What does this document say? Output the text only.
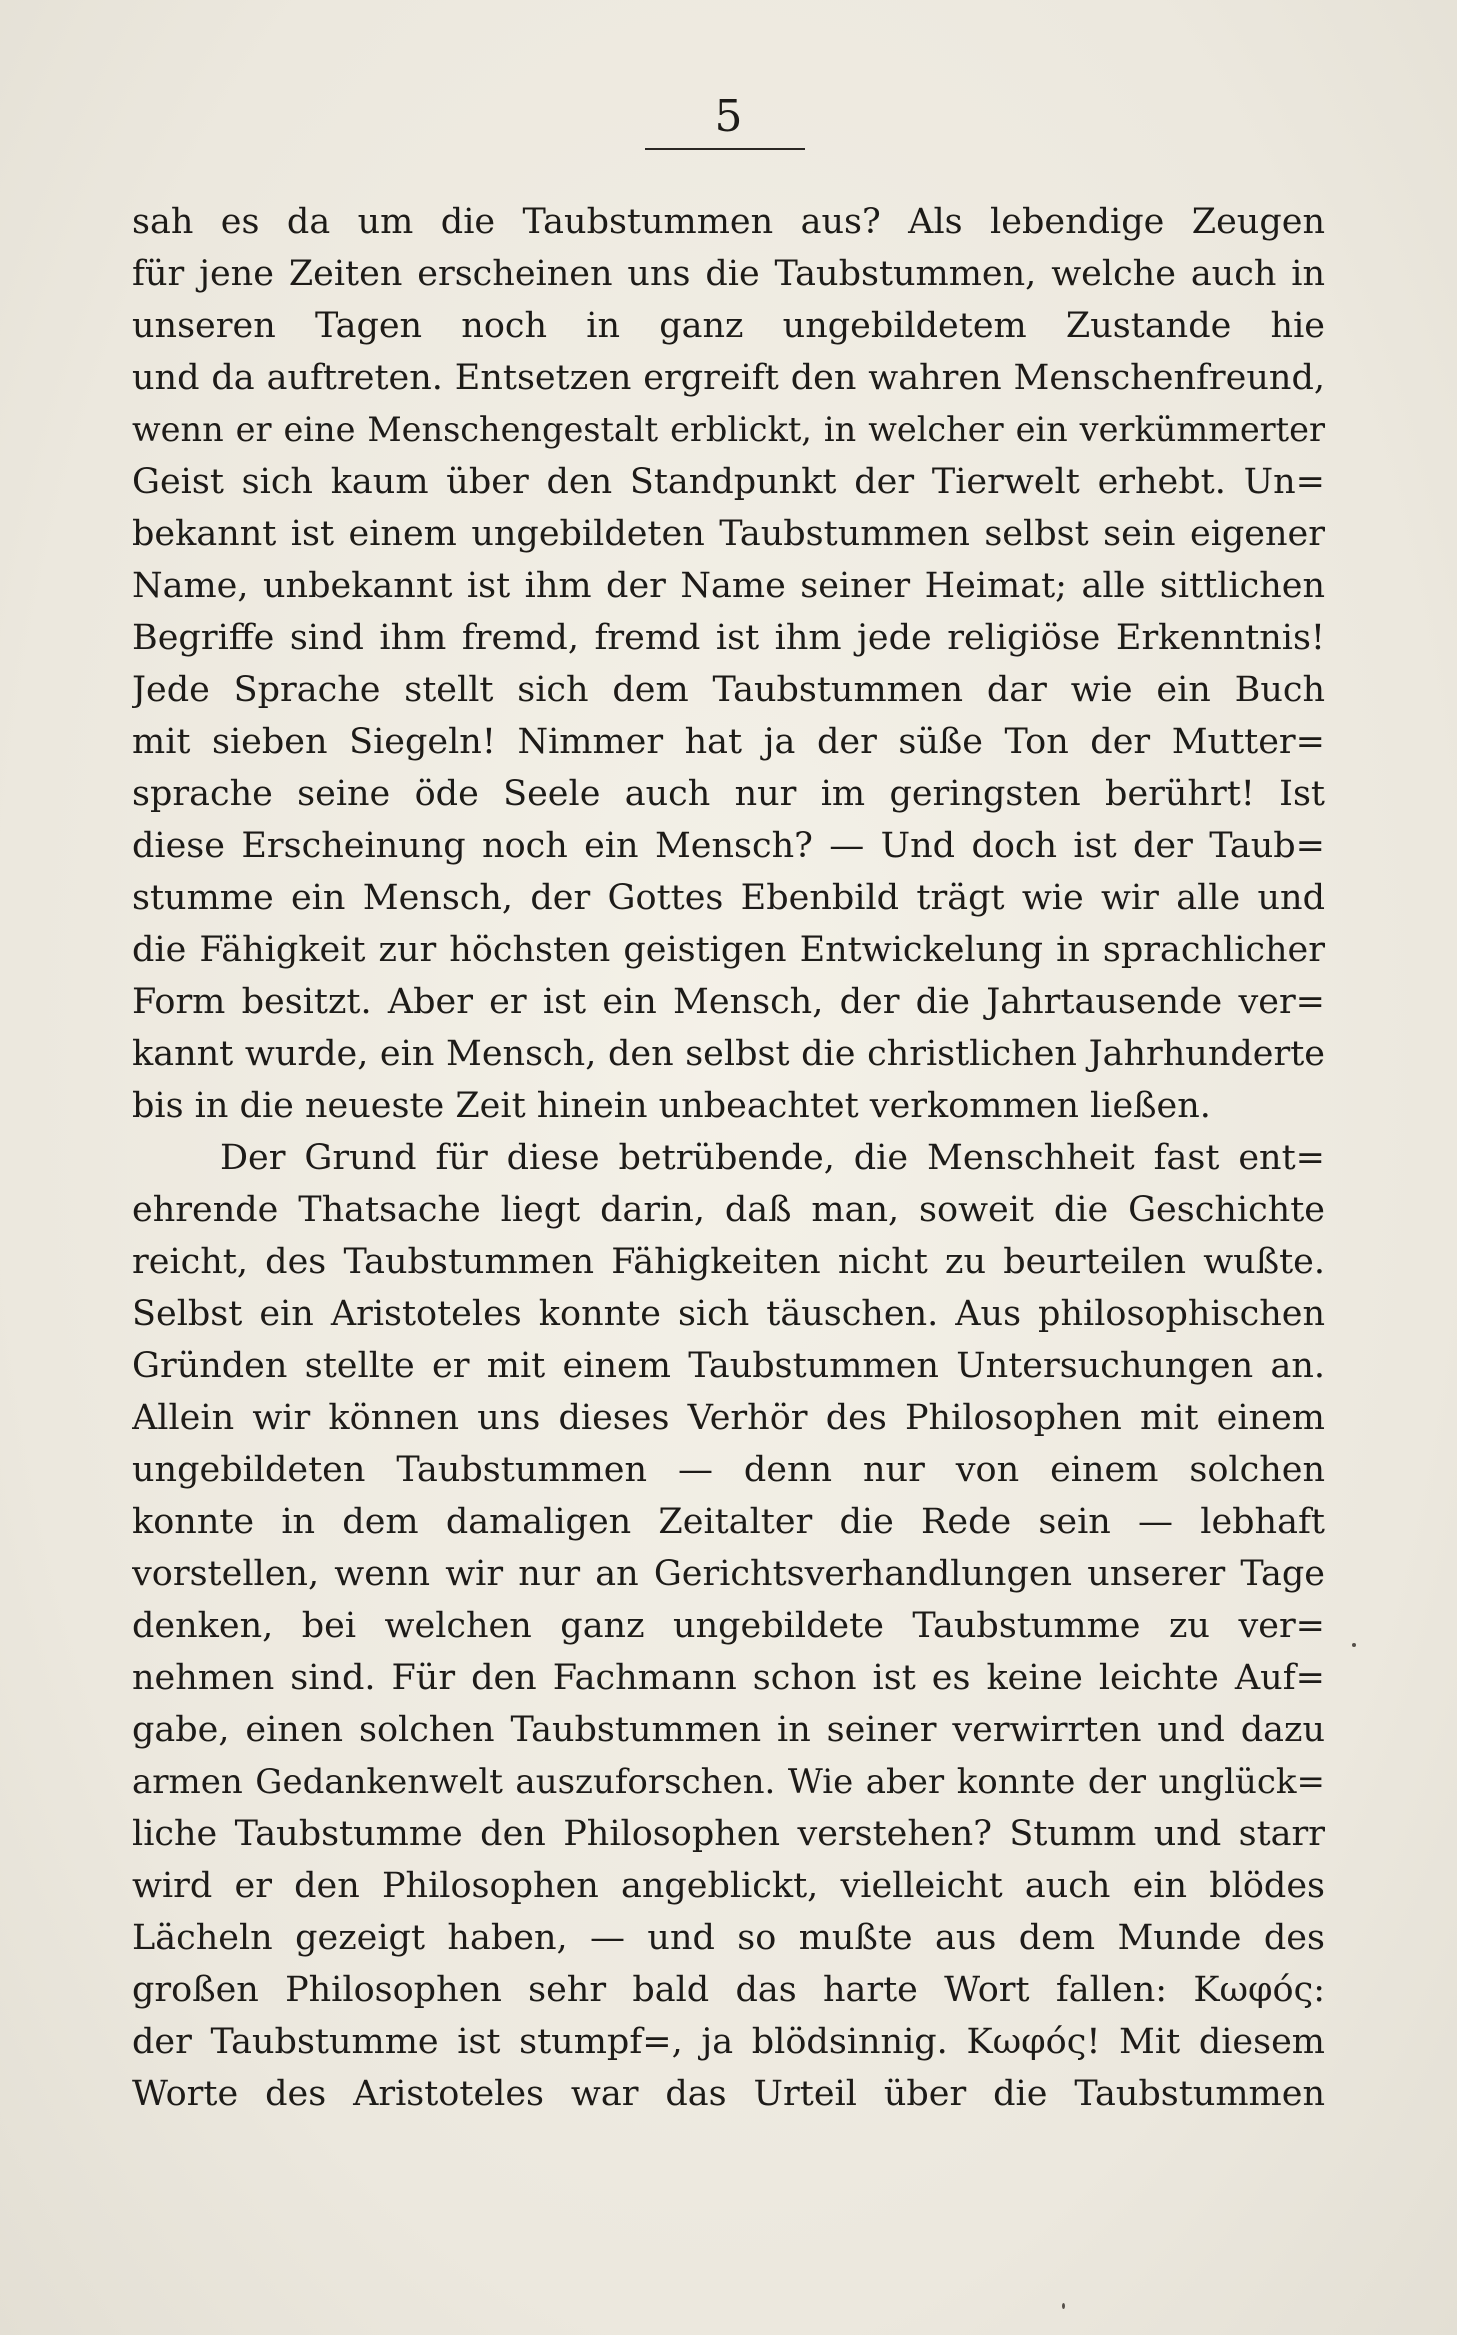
5
sah es da um die Taubstummen aus? Als lebendige Zeugen
für jene Zeiten erscheinen uns die Taubstummen, welche auch in
unseren Tagen noch in ganz ungebildetem Zustande hie
und da auftreten. Entsetzen ergreift den wahren Menschenfreund,
wenn er eine Menschengestalt erblickt, in welcher ein verkümmerter
Geist sich kaum über den Standpunkt der Tierwelt erhebt. Un=
bekannt ist einem ungebildeten Taubstummen selbst sein eigener
Name, unbekannt ist ihm der Name seiner Heimat; alle sittlichen
Begriffe sind ihm fremd, fremd ist ihm jede religiöse Erkenntnis!
Jede Sprache stellt sich dem Taubstummen dar wie ein Buch
mit sieben Siegeln! Nimmer hat ja der süße Ton der Mutter=
sprache seine öde Seele auch nur im geringsten berührt! Ist
diese Erscheinung noch ein Mensch? — Und doch ist der Taub=
stumme ein Mensch, der Gottes Ebenbild trägt wie wir alle und
die Fähigkeit zur höchsten geistigen Entwickelung in sprachlicher
Form besitzt. Aber er ist ein Mensch, der die Jahrtausende ver=
kannt wurde, ein Mensch, den selbst die christlichen Jahrhunderte
bis in die neueste Zeit hinein unbeachtet verkommen ließen.
Der Grund für diese betrübende, die Menschheit fast ent=
ehrende Thatsache liegt darin, daß man, soweit die Geschichte
reicht, des Taubstummen Fähigkeiten nicht zu beurteilen wußte.
Selbst ein Aristoteles konnte sich täuschen. Aus philosophischen
Gründen stellte er mit einem Taubstummen Untersuchungen an.
Allein wir können uns dieses Verhör des Philosophen mit einem
ungebildeten Taubstummen — denn nur von einem solchen
konnte in dem damaligen Zeitalter die Rede sein — lebhaft
vorstellen, wenn wir nur an Gerichtsverhandlungen unserer Tage
denken, bei welchen ganz ungebildete Taubstumme zu ver=
nehmen sind. Für den Fachmann schon ist es keine leichte Auf=
gabe, einen solchen Taubstummen in seiner verwirrten und dazu
armen Gedankenwelt auszuforschen. Wie aber konnte der unglück=
liche Taubstumme den Philosophen verstehen? Stumm und starr
wird er den Philosophen angeblickt, vielleicht auch ein blödes
Lächeln gezeigt haben, — und so mußte aus dem Munde des
großen Philosophen sehr bald das harte Wort fallen: Κωφός:
der Taubstumme ist stumpf=, ja blödsinnig. Κωφός! Mit diesem
Worte des Aristoteles war das Urteil über die Taubstummen
